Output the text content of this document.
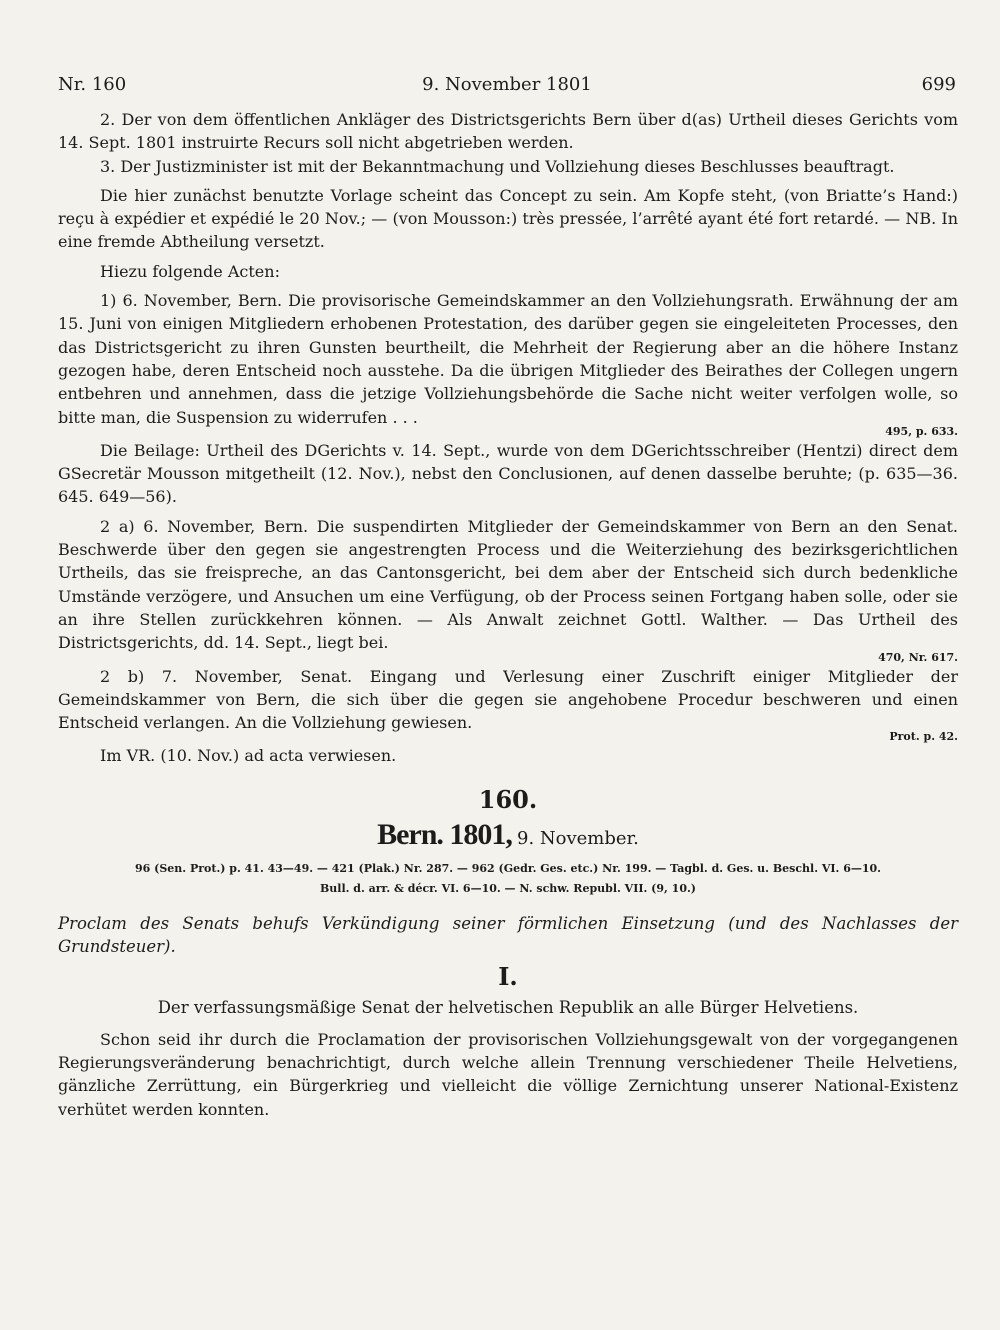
Nr. 160	9. November 1801	699

2. Der von dem öffentlichen Ankläger des Districtsgerichts Bern über d(as) Urtheil dieses Gerichts vom 14. Sept. 1801 instruirte Recurs soll nicht abgetrieben werden.

3. Der Justizminister ist mit der Bekanntmachung und Vollziehung dieses Beschlusses beauftragt.

Die hier zunächst benutzte Vorlage scheint das Concept zu sein. Am Kopfe steht, (von Briatte’s Hand:) reçu à expédier et expédié le 20 Nov.; — (von Mousson:) très pressée, l’arrêté ayant été fort retardé. — NB. In eine fremde Abtheilung versetzt.

Hiezu folgende Acten:

1) 6. November, Bern. Die provisorische Gemeindskammer an den Vollziehungsrath. Erwähnung der am 15. Juni von einigen Mitgliedern erhobenen Protestation, des darüber gegen sie eingeleiteten Processes, den das Districtsgericht zu ihren Gunsten beurtheilt, die Mehrheit der Regierung aber an die höhere Instanz gezogen habe, deren Entscheid noch ausstehe. Da die übrigen Mitglieder des Beirathes der Collegen ungern entbehren und annehmen, dass die jetzige Vollziehungsbehörde die Sache nicht weiter verfolgen wolle, so bitte man, die Suspension zu widerrufen . . .

495, p. 633.

Die Beilage: Urtheil des DGerichts v. 14. Sept., wurde von dem DGerichtsschreiber (Hentzi) direct dem GSecretär Mousson mitgetheilt (12. Nov.), nebst den Conclusionen, auf denen dasselbe beruhte; (p. 635—36. 645. 649—56).

2 a) 6. November, Bern. Die suspendirten Mitglieder der Gemeindskammer von Bern an den Senat. Beschwerde über den gegen sie angestrengten Process und die Weiterziehung des bezirksgerichtlichen Urtheils, das sie freispreche, an das Cantonsgericht, bei dem aber der Entscheid sich durch bedenkliche Umstände verzögere, und Ansuchen um eine Verfügung, ob der Process seinen Fortgang haben solle, oder sie an ihre Stellen zurückkehren können. — Als Anwalt zeichnet Gottl. Walther. — Das Urtheil des Districtsgerichts, dd. 14. Sept., liegt bei.

470, Nr. 617.

2 b) 7. November, Senat. Eingang und Verlesung einer Zuschrift einiger Mitglieder der Gemeindskammer von Bern, die sich über die gegen sie angehobene Procedur beschweren und einen Entscheid verlangen. An die Vollziehung gewiesen.

Prot. p. 42.

Im VR. (10. Nov.) ad acta verwiesen.

160.

Bern. 1801, 9. November.

96 (Sen. Prot.) p. 41. 43—49. — 421 (Plak.) Nr. 287. — 962 (Gedr. Ges. etc.) Nr. 199. — Tagbl. d. Ges. u. Beschl. VI. 6—10.

Bull. d. arr. & décr. VI. 6—10. — N. schw. Republ. VII. (9, 10.)

Proclam des Senats behufs Verkündigung seiner förmlichen Einsetzung (und des Nachlasses der Grundsteuer).

I.

Der verfassungsmäßige Senat der helvetischen Republik an alle Bürger Helvetiens.

Schon seid ihr durch die Proclamation der provisorischen Vollziehungsgewalt von der vorgegangenen Regierungsveränderung benachrichtigt, durch welche allein Trennung verschiedener Theile Helvetiens, gänzliche Zerrüttung, ein Bürgerkrieg und vielleicht die völlige Zernichtung unserer National-Existenz verhütet werden konnten.
